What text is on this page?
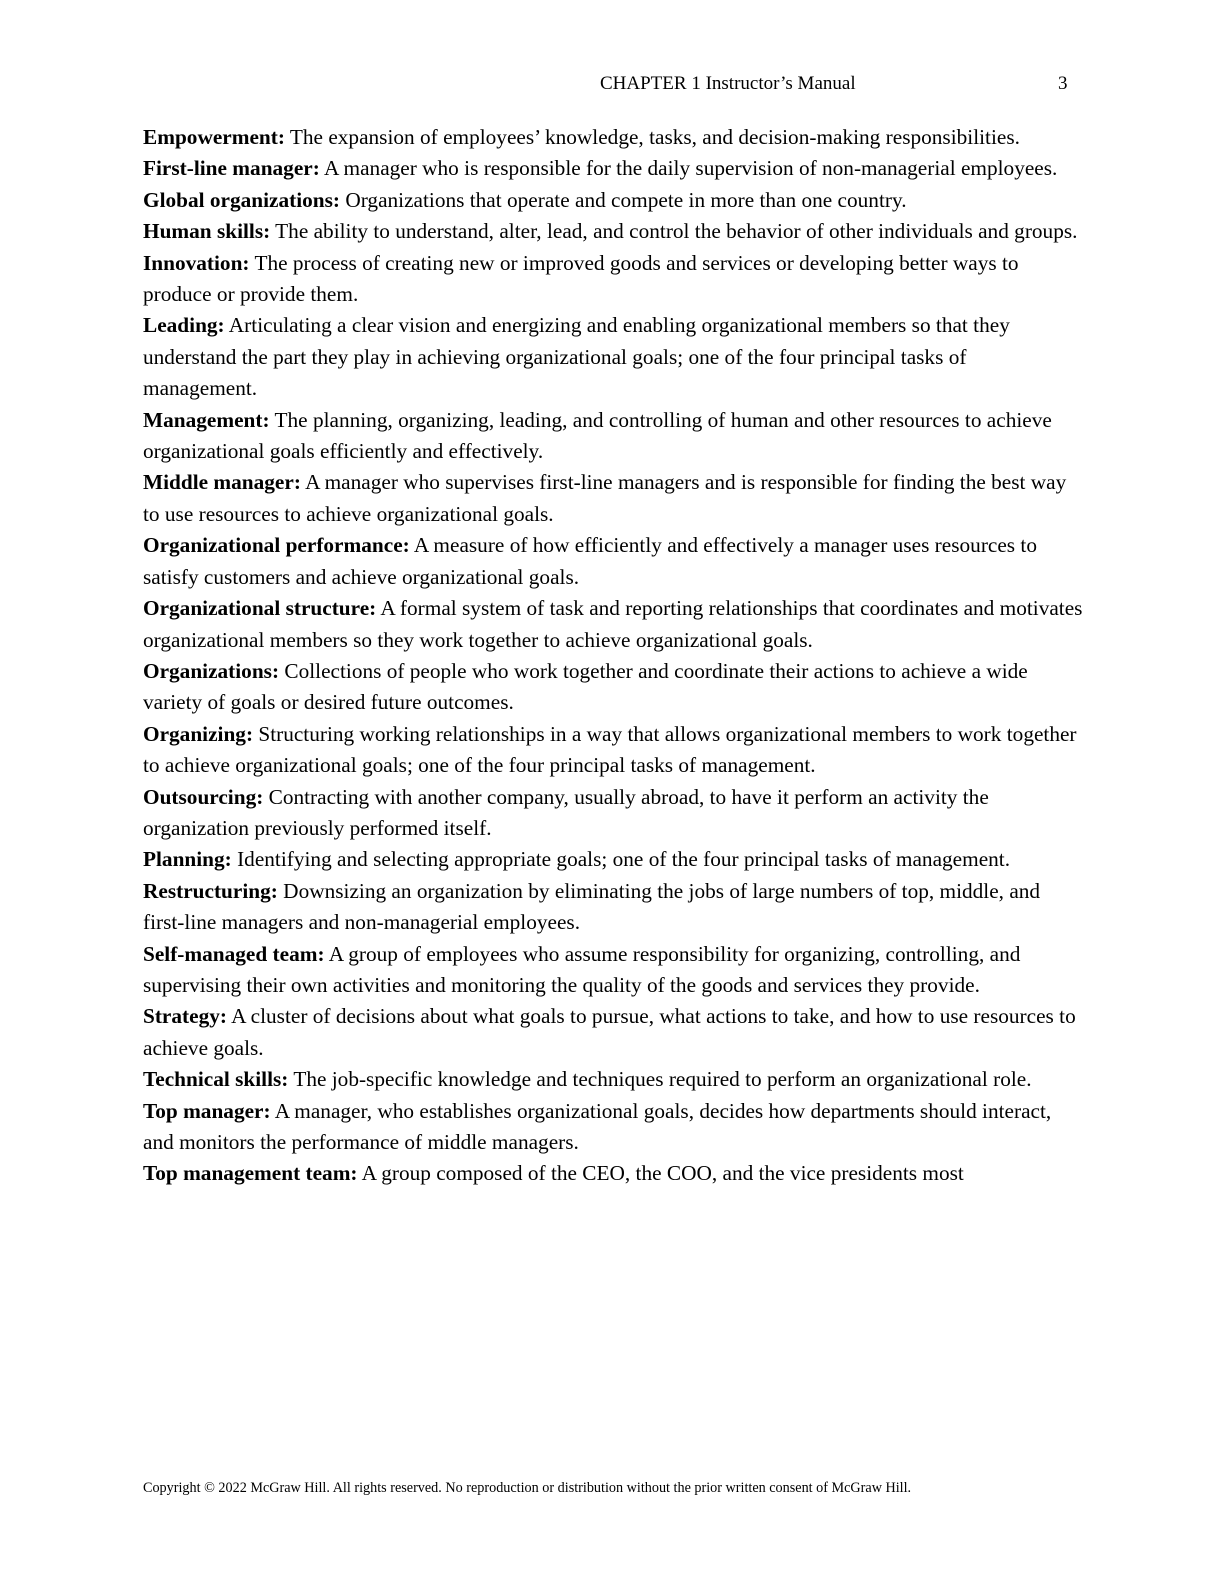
CHAPTER 1 Instructor’s Manual	3

Empowerment: The expansion of employees’ knowledge, tasks, and decision-making responsibilities.

First-line manager: A manager who is responsible for the daily supervision of non-managerial employees.

Global organizations: Organizations that operate and compete in more than one country.

Human skills: The ability to understand, alter, lead, and control the behavior of other individuals and groups.

Innovation: The process of creating new or improved goods and services or developing better ways to produce or provide them.

Leading: Articulating a clear vision and energizing and enabling organizational members so that they understand the part they play in achieving organizational goals; one of the four principal tasks of management.

Management: The planning, organizing, leading, and controlling of human and other resources to achieve organizational goals efficiently and effectively.

Middle manager: A manager who supervises first-line managers and is responsible for finding the best way to use resources to achieve organizational goals.

Organizational performance: A measure of how efficiently and effectively a manager uses resources to satisfy customers and achieve organizational goals.

Organizational structure: A formal system of task and reporting relationships that coordinates and motivates organizational members so they work together to achieve organizational goals.

Organizations: Collections of people who work together and coordinate their actions to achieve a wide variety of goals or desired future outcomes.

Organizing: Structuring working relationships in a way that allows organizational members to work together to achieve organizational goals; one of the four principal tasks of management.

Outsourcing: Contracting with another company, usually abroad, to have it perform an activity the organization previously performed itself.

Planning: Identifying and selecting appropriate goals; one of the four principal tasks of management.

Restructuring: Downsizing an organization by eliminating the jobs of large numbers of top, middle, and first-line managers and non-managerial employees.

Self-managed team: A group of employees who assume responsibility for organizing, controlling, and supervising their own activities and monitoring the quality of the goods and services they provide.

Strategy: A cluster of decisions about what goals to pursue, what actions to take, and how to use resources to achieve goals.

Technical skills: The job-specific knowledge and techniques required to perform an organizational role.

Top manager: A manager, who establishes organizational goals, decides how departments should interact, and monitors the performance of middle managers.

Top management team: A group composed of the CEO, the COO, and the vice presidents most

Copyright © 2022 McGraw Hill. All rights reserved. No reproduction or distribution without the prior written consent of McGraw Hill.
